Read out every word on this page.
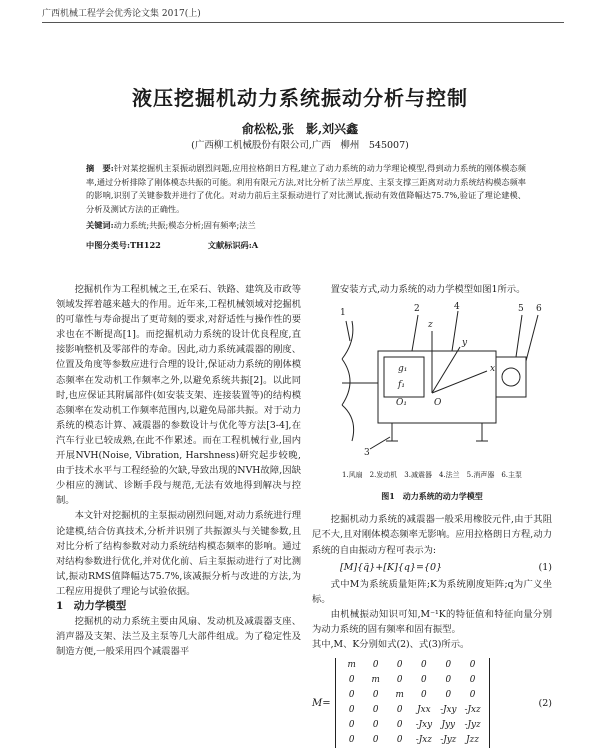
广西机械工程学会优秀论文集 2017(上)
液压挖掘机动力系统振动分析与控制
俞松松,张　影,刘兴鑫
(广西柳工机械股份有限公司,广西　柳州　545007)
摘　要:针对某挖掘机主泵振动剧烈问题,应用拉格朗日方程,建立了动力系统的动力学理论模型,得到动力系统的刚体模态频率,通过分析排除了刚体模态共振的可能。利用有限元方法,对比分析了法兰厚度、主泵支撑三距离对动力系统结构模态频率的影响,识别了关键参数并进行了优化。对动力前后主泵振动进行了对比测试,振动有效值降幅达75.7%,验证了理论建模、分析及测试方法的正确性。
关键词:动力系统;共振;模态分析;固有频率;法兰
中图分类号:TH122	文献标识码:A

挖掘机作为工程机械之王,在采石、铁路、建筑及市政等领域发挥着越来越大的作用。近年来,工程机械领域对挖掘机的可靠性与寿命提出了更苛刻的要求,对舒适性与操作性的要求也在不断提高[1]。而挖掘机动力系统的设计优良程度,直接影响整机及零部件的寿命。因此,动力系统减震器的刚度、位置及角度等参数应进行合理的设计,保证动力系统的刚体模态频率在发动机工作频率之外,以避免系统共振[2]。以此同时,也应保证其附属部件(如安装支架、连接装置等)的结构模态频率在发动机工作频率范围内,以避免局部共振。对于动力系统的模态计算、减震器的参数设计与优化等方法[3-4],在汽车行业已较成熟,在此不作累述。而在工程机械行业,国内开展NVH(Noise, Vibration, Harshness)研究起步较晚,由于技术水平与工程经验的欠缺,导致出现的NVH故障,因缺少相应的测试、诊断手段与规范,无法有效地得到解决与控制。

本文针对挖掘机的主泵振动剧烈问题,对动力系统进行理论建模,结合仿真技术,分析并识别了共振源头与关键参数,且对比分析了结构参数对动力系统结构模态频率的影响。通过对结构参数进行优化,并对优化前、后主泵振动进行了对比测试,振动RMS值降幅达75.7%,该减振分析与改进的方法,为工程应用提供了理论与试验依据。

1　动力学模型

挖掘机的动力系统主要由风扇、发动机及减震器支座、消声器及支架、法兰及主泵等几大部件组成。为了稳定性及制造方便,一般采用四个减震器平

置安装方式,动力系统的动力学模型如图1所示。

1	2
3
4	5 6
x
y
z
g₁
f₁
O₁	O
1.风扇　2.发动机　3.减震器　4.法兰　5.消声器　6.主泵
图1　动力系统的动力学模型

挖掘机动力系统的减震器一般采用橡胶元件,由于其阻尼不大,且对刚体模态频率无影响。应用拉格朗日方程,动力系统的自由振动方程可表示为:

[M]{q̈}+[K]{q}={0}	(1)

式中M为系统质量矩阵;K为系统刚度矩阵;q为广义坐标。

由机械振动知识可知,M⁻¹K的特征值和特征向量分别为动力系统的固有频率和固有振型。

其中,M、K分别如式(2)、式(3)所示。

M=
m	0	0	0	0	0
0	m	0	0	0	0
0	0	m	0	0	0
0	0	0	Jxx	-Jxy	-Jxz
0	0	0	-Jxy	Jyy	-Jyz
0	0	0	-Jxz	-Jyz	Jzz
(2)
